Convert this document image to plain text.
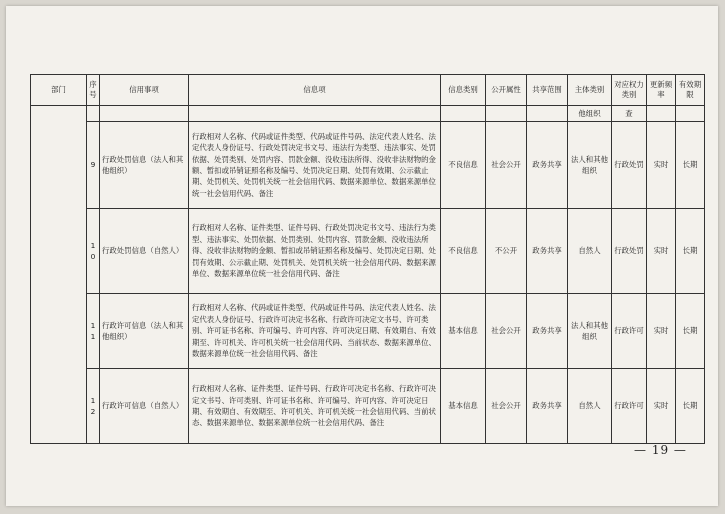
部门	序号	信用事项	信息项	信息类别	公开属性	共享范围	主体类别	对应权力类别	更新频率	有效期限
							他组织	查		
	9	行政处罚信息（法人和其他组织）	行政相对人名称、代码或证件类型、代码或证件号码、法定代表人姓名、法定代表人身份证号、行政处罚决定书文号、违法行为类型、违法事实、处罚依据、处罚类别、处罚内容、罚款金额、没收违法所得、没收非法财物的金额、暂扣或吊销证照名称及编号、处罚决定日期、处罚有效期、公示截止期、处罚机关、处罚机关统一社会信用代码、数据来源单位、数据来源单位统一社会信用代码、备注	不良信息	社会公开	政务共享	法人和其他组织	行政处罚	实时	长期
	10	行政处罚信息（自然人）	行政相对人名称、证件类型、证件号码、行政处罚决定书文号、违法行为类型、违法事实、处罚依据、处罚类别、处罚内容、罚款金额、没收违法所得、没收非法财物的金额、暂扣或吊销证照名称及编号、处罚决定日期、处罚有效期、公示截止期、处罚机关、处罚机关统一社会信用代码、数据来源单位、数据来源单位统一社会信用代码、备注	不良信息	不公开	政务共享	自然人	行政处罚	实时	长期
	11	行政许可信息（法人和其他组织）	行政相对人名称、代码或证件类型、代码或证件号码、法定代表人姓名、法定代表人身份证号、行政许可决定书名称、行政许可决定文书号、许可类别、许可证书名称、许可编号、许可内容、许可决定日期、有效期自、有效期至、许可机关、许可机关统一社会信用代码、当前状态、数据来源单位、数据来源单位统一社会信用代码、备注	基本信息	社会公开	政务共享	法人和其他组织	行政许可	实时	长期
	12	行政许可信息（自然人）	行政相对人名称、证件类型、证件号码、行政许可决定书名称、行政许可决定文书号、许可类别、许可证书名称、许可编号、许可内容、许可决定日期、有效期自、有效期至、许可机关、许可机关统一社会信用代码、当前状态、数据来源单位、数据来源单位统一社会信用代码、备注	基本信息	社会公开	政务共享	自然人	行政许可	实时	长期
— 19 —
